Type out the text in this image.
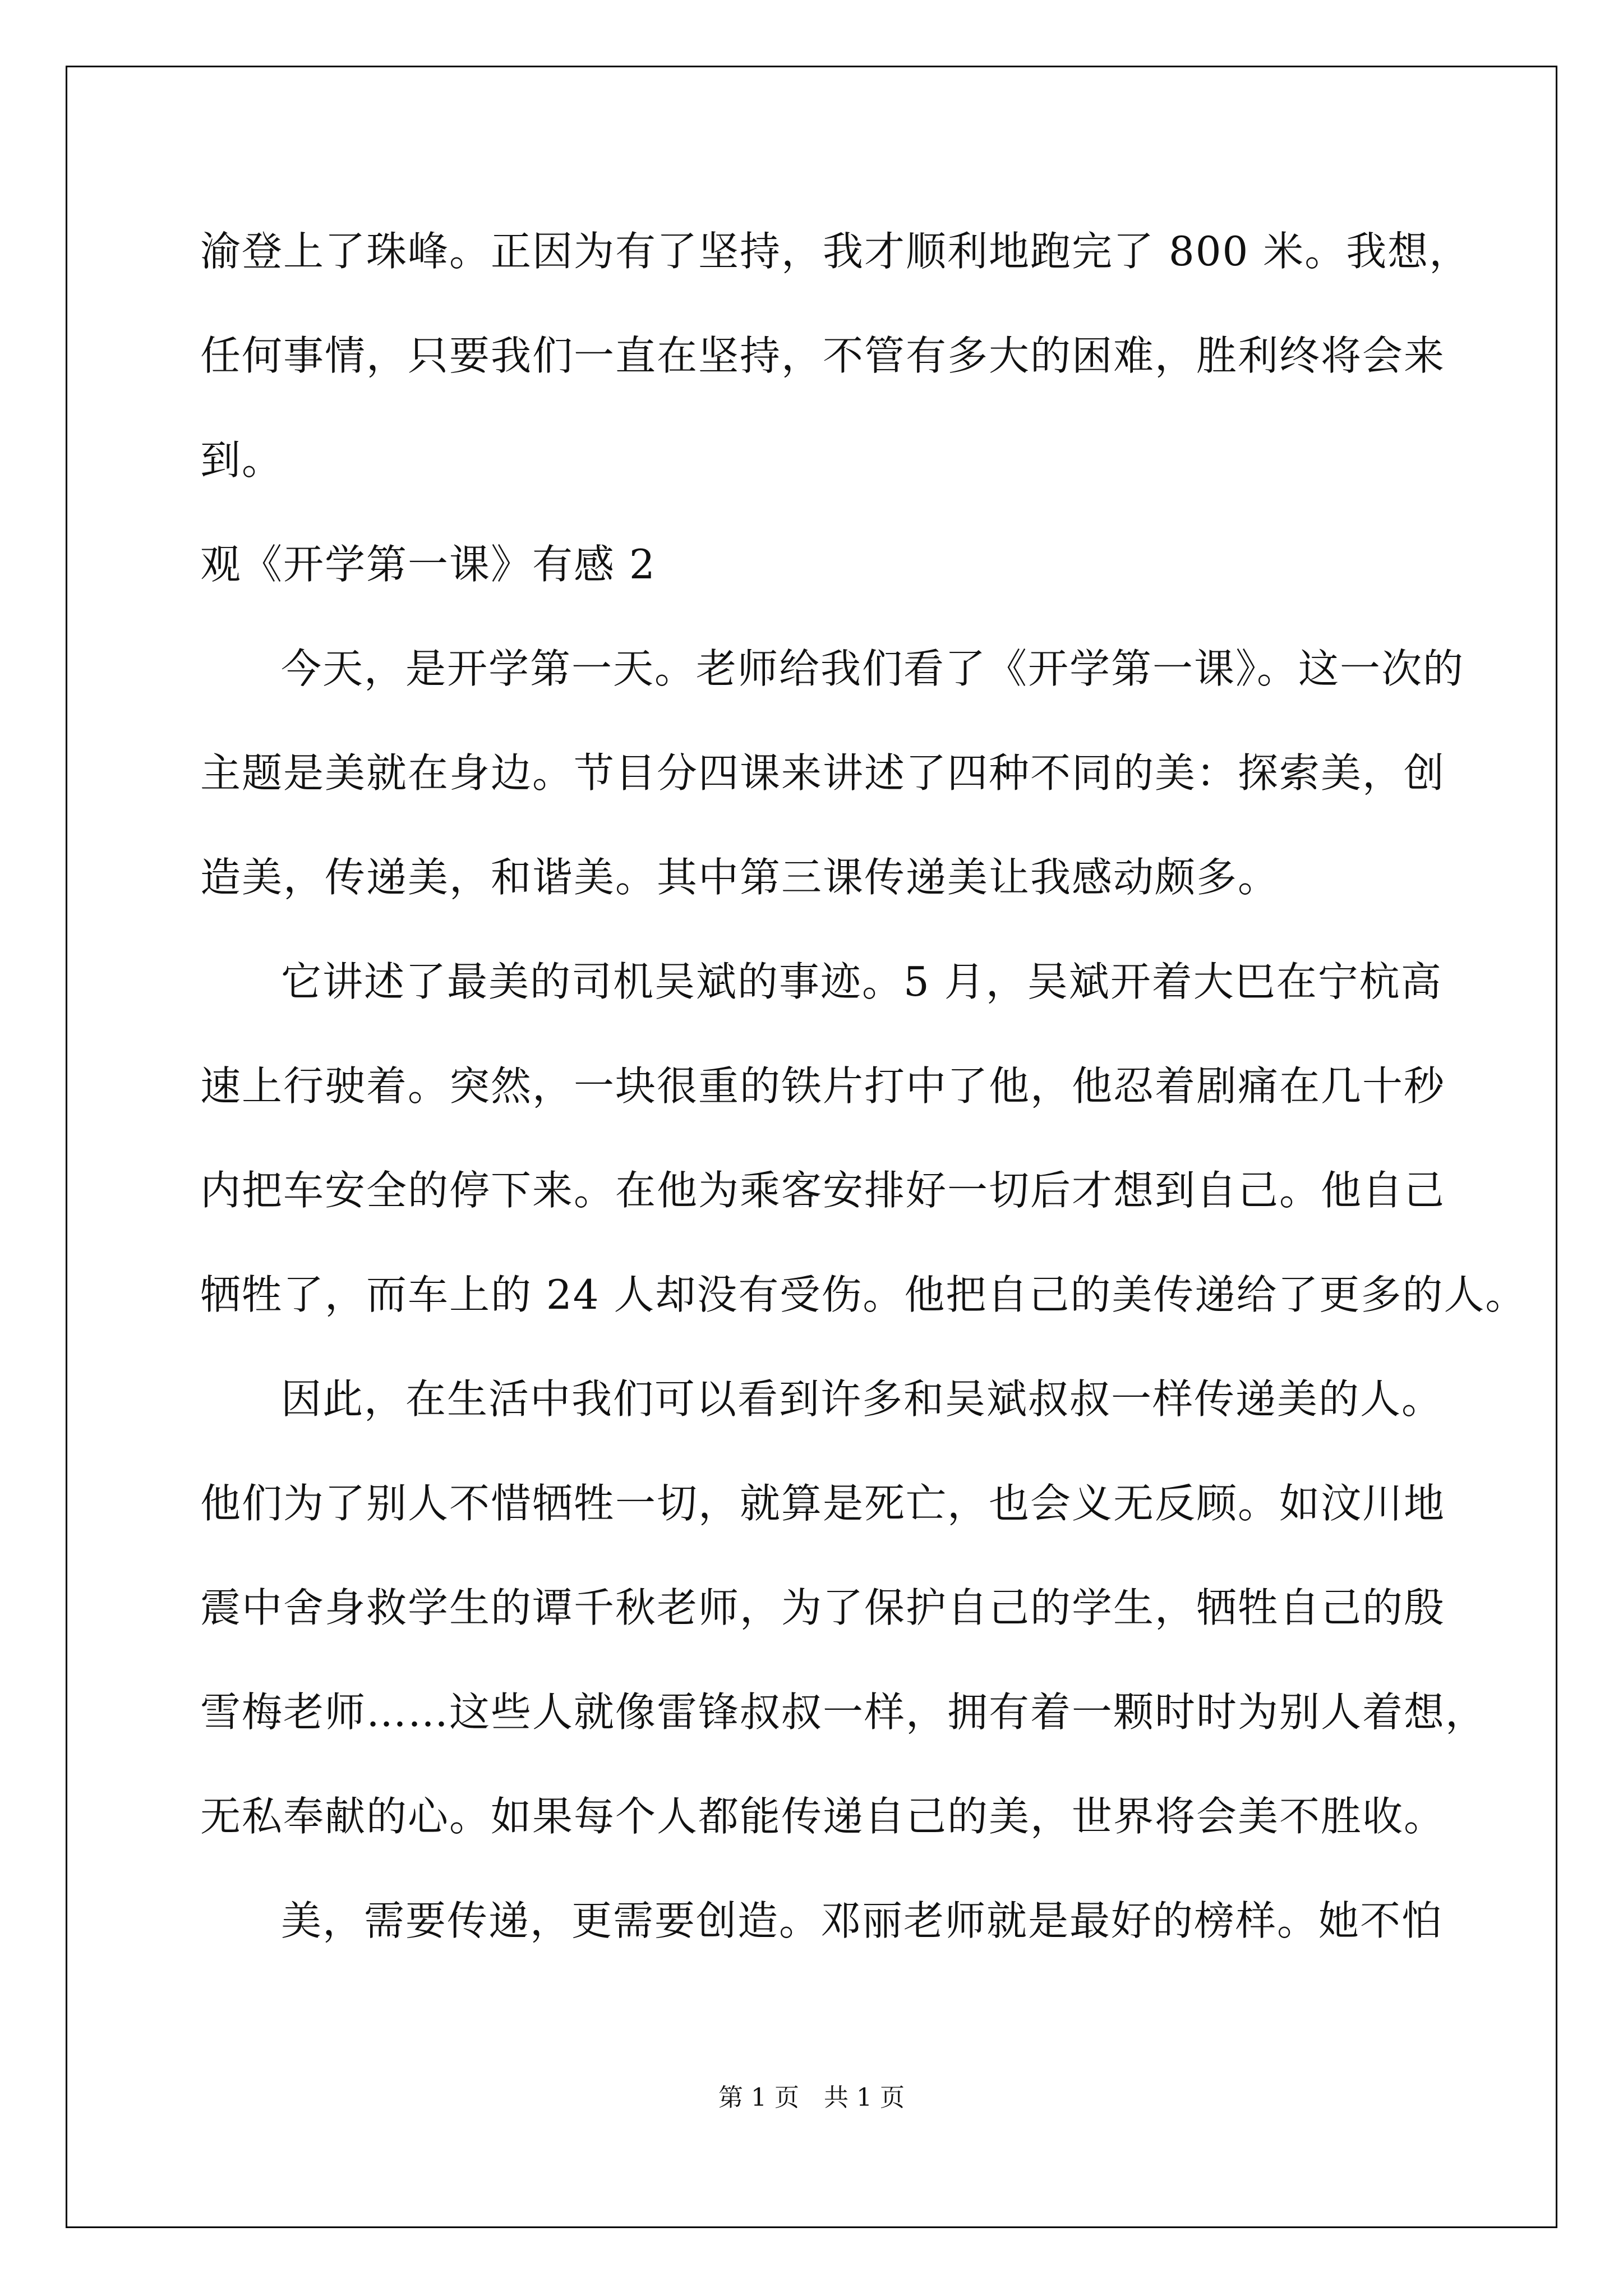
渝登上了珠峰。正因为有了坚持，我才顺利地跑完了 800 米。我想，
任何事情，只要我们一直在坚持，不管有多大的困难，胜利终将会来
到。
观《开学第一课》有感 2
今天，是开学第一天。老师给我们看了《开学第一课》。这一次的
主题是美就在身边。节目分四课来讲述了四种不同的美：探索美，创
造美，传递美，和谐美。其中第三课传递美让我感动颇多。
它讲述了最美的司机吴斌的事迹。5 月，吴斌开着大巴在宁杭高
速上行驶着。突然，一块很重的铁片打中了他，他忍着剧痛在几十秒
内把车安全的停下来。在他为乘客安排好一切后才想到自己。他自己
牺牲了，而车上的 24 人却没有受伤。他把自己的美传递给了更多的人。
因此，在生活中我们可以看到许多和吴斌叔叔一样传递美的人。
他们为了别人不惜牺牲一切，就算是死亡，也会义无反顾。如汶川地
震中舍身救学生的谭千秋老师，为了保护自己的学生，牺牲自己的殷
雪梅老师……这些人就像雷锋叔叔一样，拥有着一颗时时为别人着想，
无私奉献的心。如果每个人都能传递自己的美，世界将会美不胜收。
美，需要传递，更需要创造。邓丽老师就是最好的榜样。她不怕
第 1 页　共 1 页
